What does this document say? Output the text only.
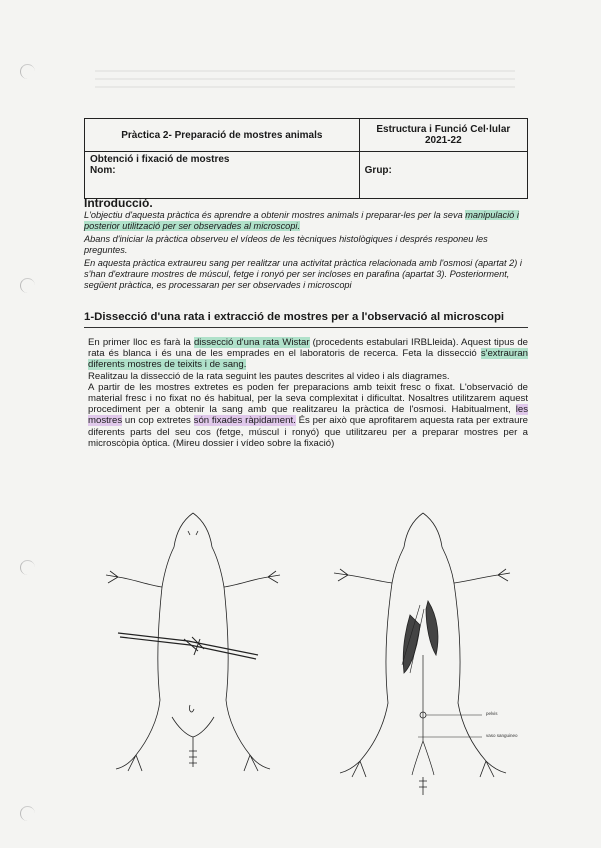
Pràctica 2- Preparació de mostres animals	Estructura i Funció Cel·lular
2021-22

Obtenció i fixació de mostres
Nom:	Grup:

Introducció.

L'objectiu d'aquesta pràctica és aprendre a obtenir mostres animals i preparar-les per la seva manipulació i posterior utilització per ser observades al microscopi.

Abans d'iniciar la pràctica observeu el vídeos de les tècniques histològiques i després responeu les preguntes.

En aquesta pràctica extraureu sang per realitzar una activitat pràctica relacionada amb l'osmosi (apartat 2) i s'han d'extraure mostres de múscul, fetge i ronyó per ser incloses en parafina (apartat 3). Posteriorment, següent pràctica, es processaran per ser observades i microscopi

1-Dissecció d'una rata i extracció de mostres per a l'observació al microscopi

En primer lloc es farà la dissecció d'una rata Wistar (procedents estabulari IRBLleida). Aquest tipus de rata és blanca i és una de les emprades en el laboratoris de recerca. Feta la dissecció s'extrauran diferents mostres de teixits i de sang.

Realitzau la dissecció de la rata seguint les pautes descrites al video i als diagrames.

A partir de les mostres extretes es poden fer preparacions amb teixit fresc o fixat. L'observació de material fresc i no fixat no és habitual, per la seva complexitat i dificultat. Nosaltres utilitzarem aquest procediment per a obtenir la sang amb que realitzareu la pràctica de l'osmosi. Habitualment, les mostres un cop extretes són fixades ràpidament. És per això que aprofitarem aquesta rata per extraure diferents parts del seu cos (fetge, múscul i ronyó) que utilitzareu per a preparar mostres per a microscòpia òptica. (Mireu dossier i vídeo sobre la fixació)

pelvis
vaso sanguineo
